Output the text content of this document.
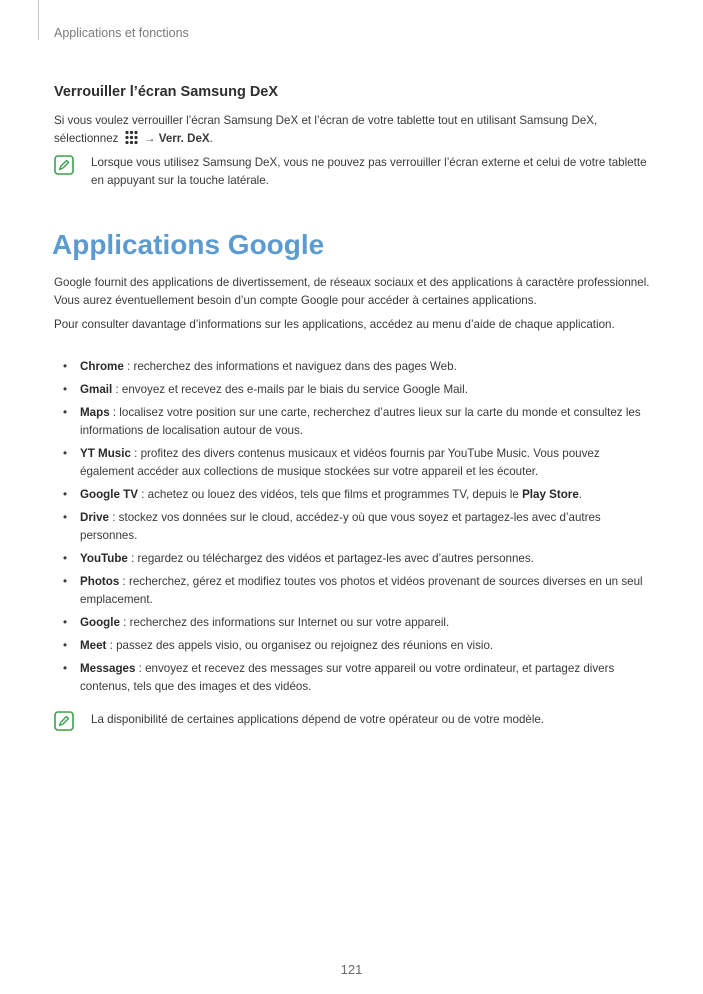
Applications et fonctions
Verrouiller l’écran Samsung DeX
Si vous voulez verrouiller l’écran Samsung DeX et l’écran de votre tablette tout en utilisant Samsung DeX, sélectionnez → Verr. DeX.
Lorsque vous utilisez Samsung DeX, vous ne pouvez pas verrouiller l’écran externe et celui de votre tablette en appuyant sur la touche latérale.
Applications Google
Google fournit des applications de divertissement, de réseaux sociaux et des applications à caractère professionnel. Vous aurez éventuellement besoin d’un compte Google pour accéder à certaines applications.
Pour consulter davantage d’informations sur les applications, accédez au menu d’aide de chaque application.
• Chrome : recherchez des informations et naviguez dans des pages Web.
• Gmail : envoyez et recevez des e-mails par le biais du service Google Mail.
• Maps : localisez votre position sur une carte, recherchez d’autres lieux sur la carte du monde et consultez les informations de localisation autour de vous.
• YT Music : profitez des divers contenus musicaux et vidéos fournis par YouTube Music. Vous pouvez également accéder aux collections de musique stockées sur votre appareil et les écouter.
• Google TV : achetez ou louez des vidéos, tels que films et programmes TV, depuis le Play Store.
• Drive : stockez vos données sur le cloud, accédez-y où que vous soyez et partagez-les avec d’autres personnes.
• YouTube : regardez ou téléchargez des vidéos et partagez-les avec d’autres personnes.
• Photos : recherchez, gérez et modifiez toutes vos photos et vidéos provenant de sources diverses en un seul emplacement.
• Google : recherchez des informations sur Internet ou sur votre appareil.
• Meet : passez des appels visio, ou organisez ou rejoignez des réunions en visio.
• Messages : envoyez et recevez des messages sur votre appareil ou votre ordinateur, et partagez divers contenus, tels que des images et des vidéos.
La disponibilité de certaines applications dépend de votre opérateur ou de votre modèle.
121
